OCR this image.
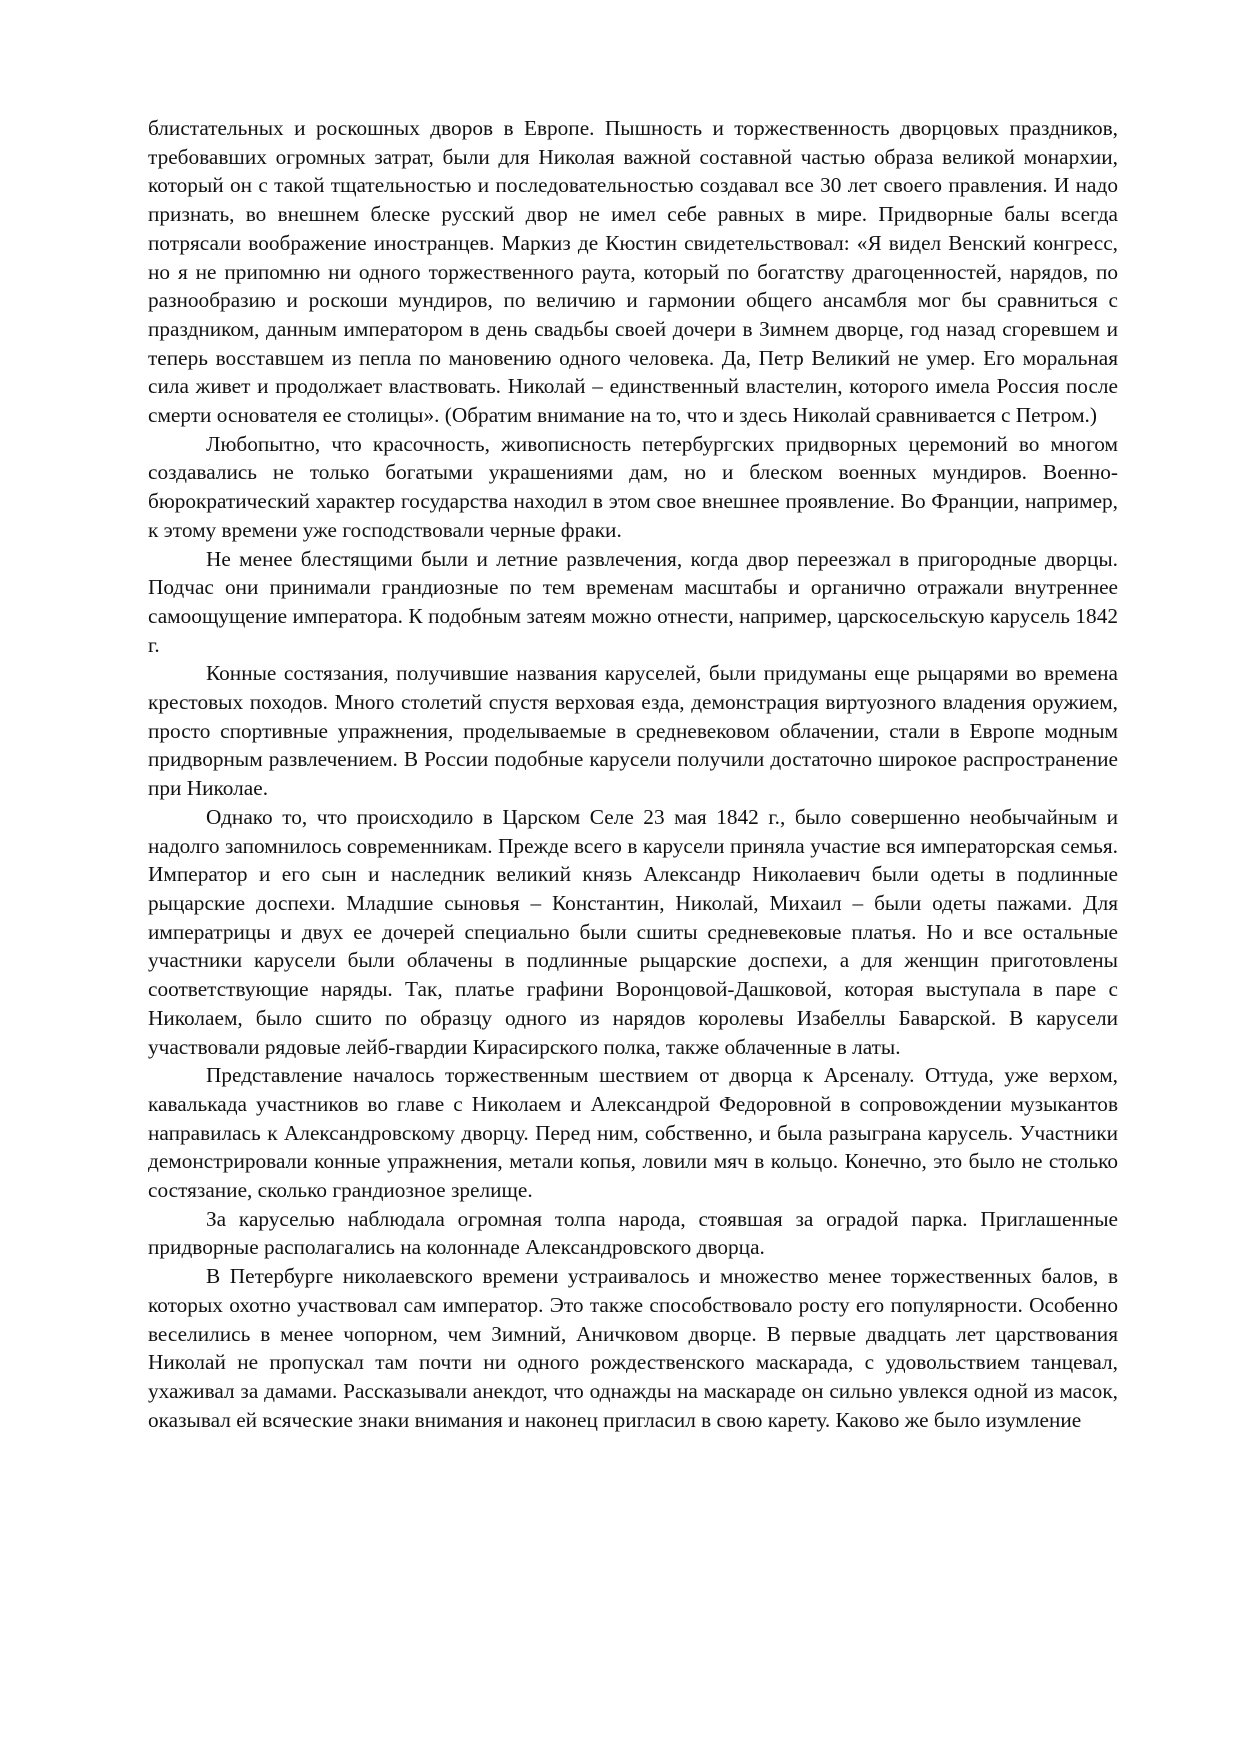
блистательных и роскошных дворов в Европе. Пышность и торжественность дворцовых праздников, требовавших огромных затрат, были для Николая важной составной частью образа великой монархии, который он с такой тщательностью и последовательностью создавал все 30 лет своего правления. И надо признать, во внешнем блеске русский двор не имел себе равных в мире. Придворные балы всегда потрясали воображение иностранцев. Маркиз де Кюстин свидетельствовал: «Я видел Венский конгресс, но я не припомню ни одного торжественного раута, который по богатству драгоценностей, нарядов, по разнообразию и роскоши мундиров, по величию и гармонии общего ансамбля мог бы сравниться с праздником, данным императором в день свадьбы своей дочери в Зимнем дворце, год назад сгоревшем и теперь восставшем из пепла по мановению одного человека. Да, Петр Великий не умер. Его моральная сила живет и продолжает властвовать. Николай – единственный властелин, которого имела Россия после смерти основателя ее столицы». (Обратим внимание на то, что и здесь Николай сравнивается с Петром.)

Любопытно, что красочность, живописность петербургских придворных церемоний во многом создавались не только богатыми украшениями дам, но и блеском военных мундиров. Военно-бюрократический характер государства находил в этом свое внешнее проявление. Во Франции, например, к этому времени уже господствовали черные фраки.

Не менее блестящими были и летние развлечения, когда двор переезжал в пригородные дворцы. Подчас они принимали грандиозные по тем временам масштабы и органично отражали внутреннее самоощущение императора. К подобным затеям можно отнести, например, царскосельскую карусель 1842 г.

Конные состязания, получившие названия каруселей, были придуманы еще рыцарями во времена крестовых походов. Много столетий спустя верховая езда, демонстрация виртуозного владения оружием, просто спортивные упражнения, проделываемые в средневековом облачении, стали в Европе модным придворным развлечением. В России подобные карусели получили достаточно широкое распространение при Николае.

Однако то, что происходило в Царском Селе 23 мая 1842 г., было совершенно необычайным и надолго запомнилось современникам. Прежде всего в карусели приняла участие вся императорская семья. Император и его сын и наследник великий князь Александр Николаевич были одеты в подлинные рыцарские доспехи. Младшие сыновья – Константин, Николай, Михаил – были одеты пажами. Для императрицы и двух ее дочерей специально были сшиты средневековые платья. Но и все остальные участники карусели были облачены в подлинные рыцарские доспехи, а для женщин приготовлены соответствующие наряды. Так, платье графини Воронцовой-Дашковой, которая выступала в паре с Николаем, было сшито по образцу одного из нарядов королевы Изабеллы Баварской. В карусели участвовали рядовые лейб-гвардии Кирасирского полка, также облаченные в латы.

Представление началось торжественным шествием от дворца к Арсеналу. Оттуда, уже верхом, кавалькада участников во главе с Николаем и Александрой Федоровной в сопровождении музыкантов направилась к Александровскому дворцу. Перед ним, собственно, и была разыграна карусель. Участники демонстрировали конные упражнения, метали копья, ловили мяч в кольцо. Конечно, это было не столько состязание, сколько грандиозное зрелище.

За каруселью наблюдала огромная толпа народа, стоявшая за оградой парка. Приглашенные придворные располагались на колоннаде Александровского дворца.

В Петербурге николаевского времени устраивалось и множество менее торжественных балов, в которых охотно участвовал сам император. Это также способствовало росту его популярности. Особенно веселились в менее чопорном, чем Зимний, Аничковом дворце. В первые двадцать лет царствования Николай не пропускал там почти ни одного рождественского маскарада, с удовольствием танцевал, ухаживал за дамами. Рассказывали анекдот, что однажды на маскараде он сильно увлекся одной из масок, оказывал ей всяческие знаки внимания и наконец пригласил в свою карету. Каково же было изумление
